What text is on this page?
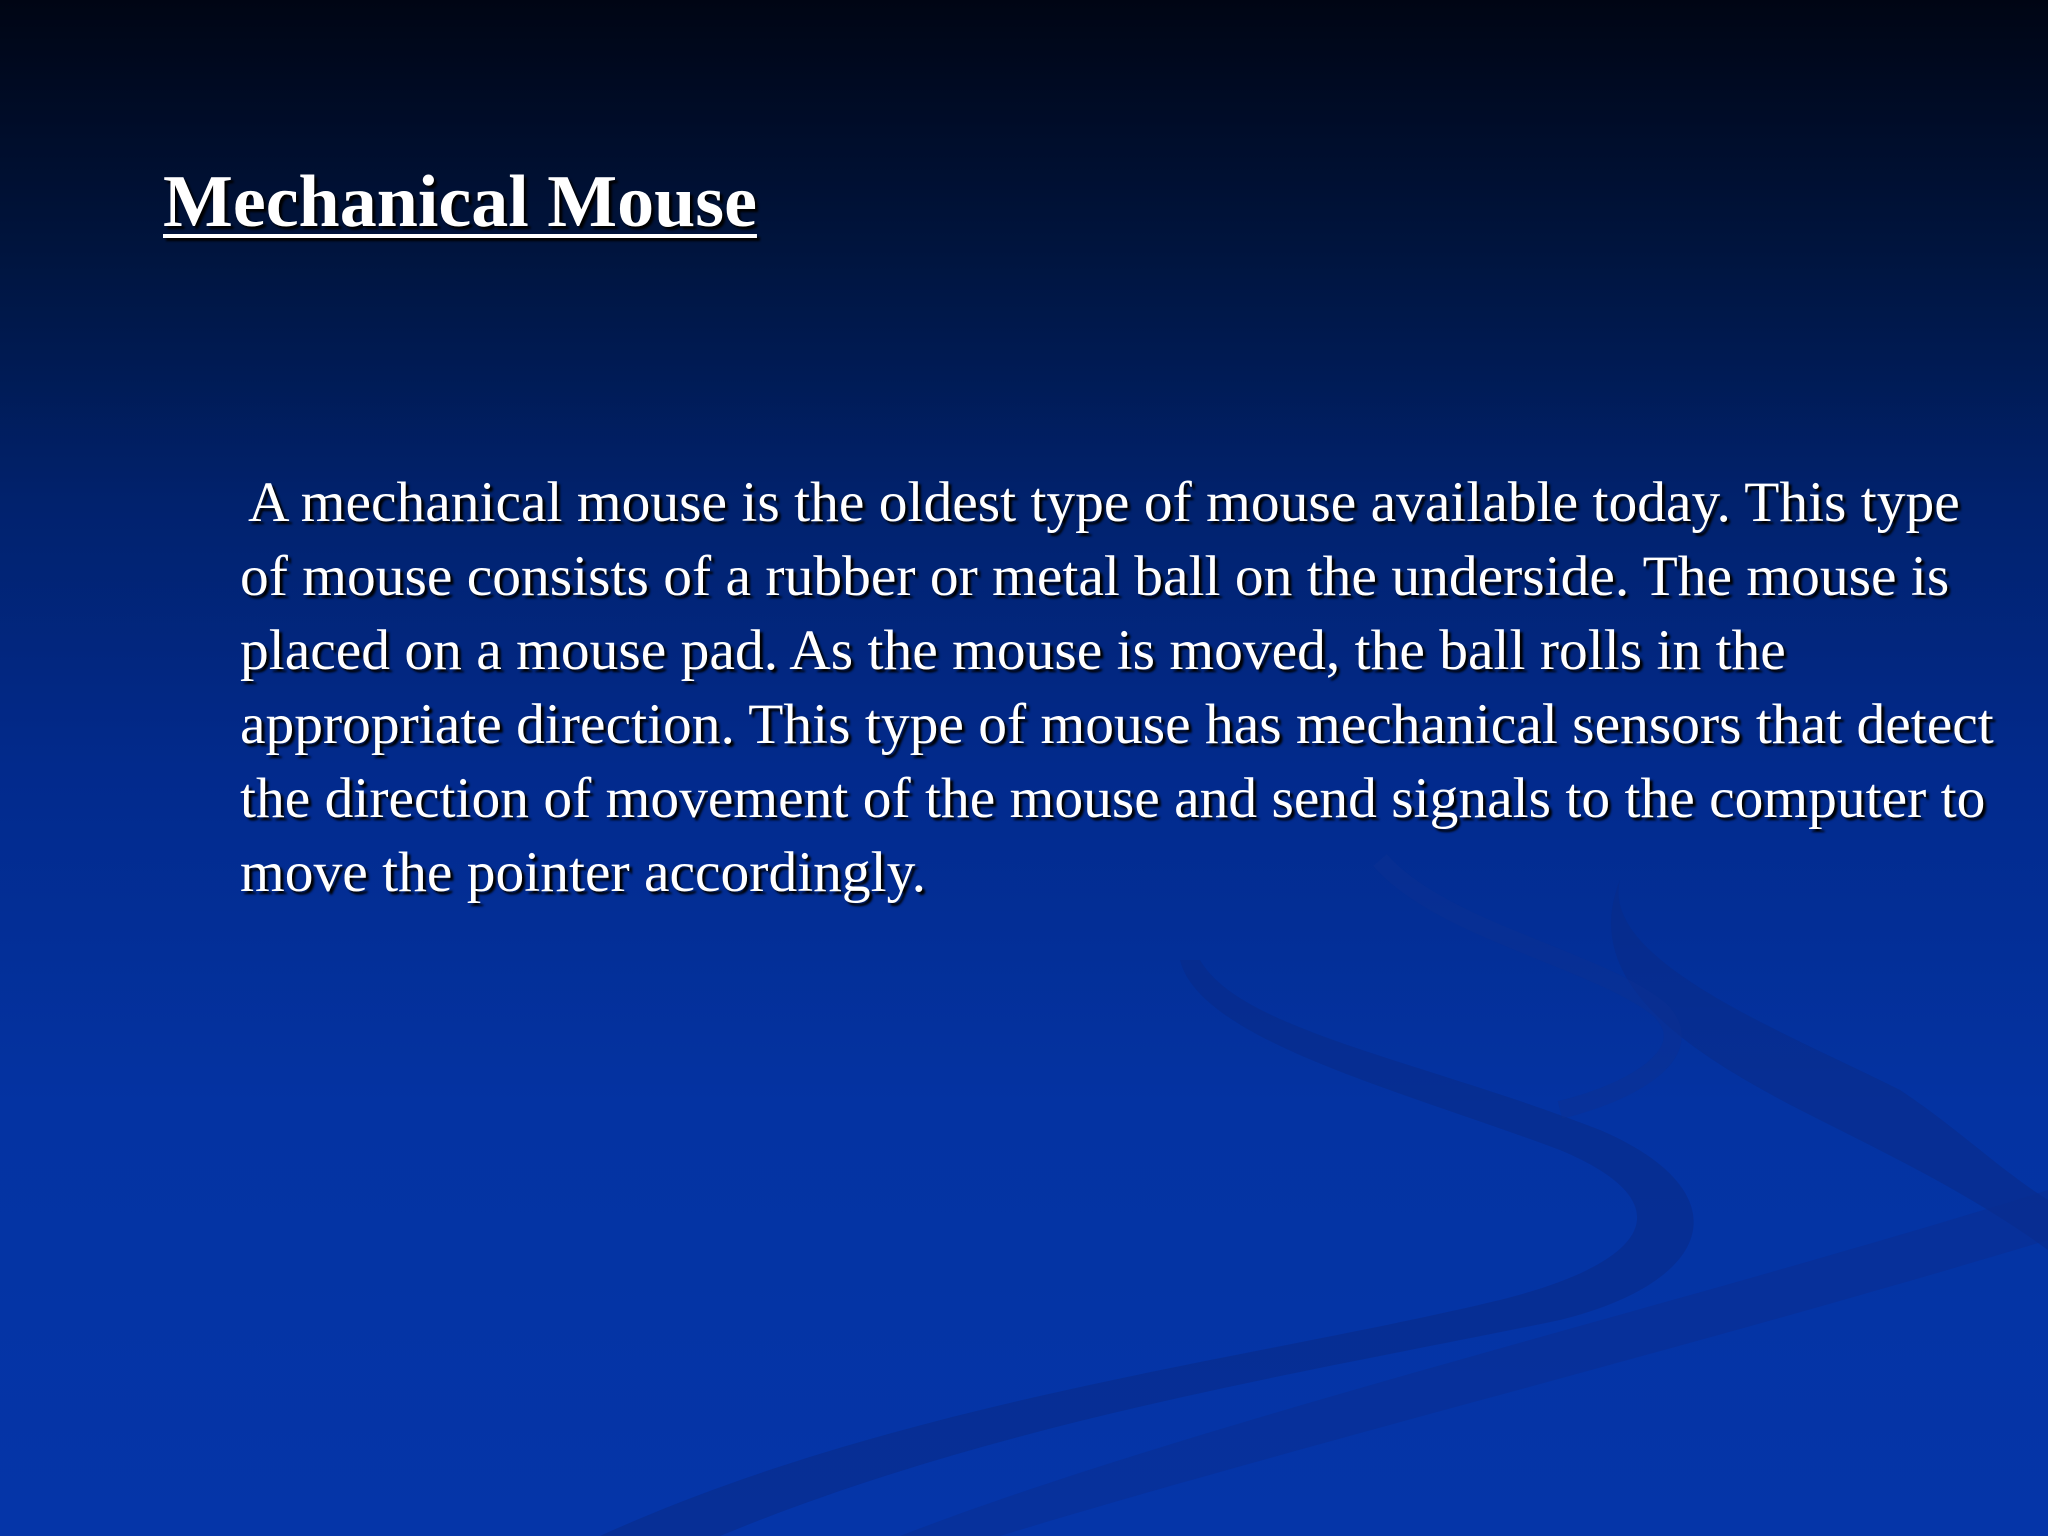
Mechanical Mouse

A mechanical mouse is the oldest type of mouse available today. This type of mouse consists of a rubber or metal ball on the underside. The mouse is placed on a mouse pad. As the mouse is moved, the ball rolls in the appropriate direction. This type of mouse has mechanical sensors that detect the direction of movement of the mouse and send signals to the computer to move the pointer accordingly.
